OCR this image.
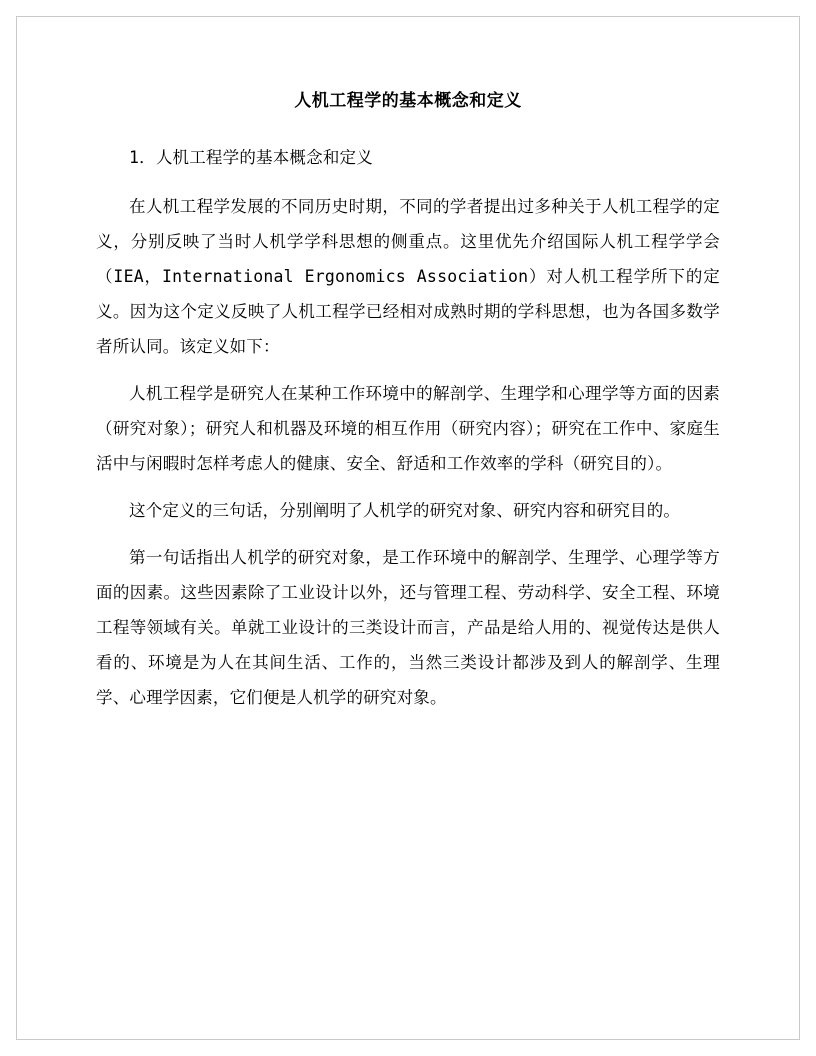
人机工程学的基本概念和定义

1．人机工程学的基本概念和定义

在人机工程学发展的不同历史时期，不同的学者提出过多种关于人机工程学的定义，分别反映了当时人机学学科思想的侧重点。这里优先介绍国际人机工程学学会（IEA，International Ergonomics Association）对人机工程学所下的定义。因为这个定义反映了人机工程学已经相对成熟时期的学科思想，也为各国多数学者所认同。该定义如下：

人机工程学是研究人在某种工作环境中的解剖学、生理学和心理学等方面的因素（研究对象）；研究人和机器及环境的相互作用（研究内容）；研究在工作中、家庭生活中与闲暇时怎样考虑人的健康、安全、舒适和工作效率的学科（研究目的）。

这个定义的三句话，分别阐明了人机学的研究对象、研究内容和研究目的。

第一句话指出人机学的研究对象，是工作环境中的解剖学、生理学、心理学等方面的因素。这些因素除了工业设计以外，还与管理工程、劳动科学、安全工程、环境工程等领域有关。单就工业设计的三类设计而言，产品是给人用的、视觉传达是供人看的、环境是为人在其间生活、工作的，当然三类设计都涉及到人的解剖学、生理学、心理学因素，它们便是人机学的研究对象。
